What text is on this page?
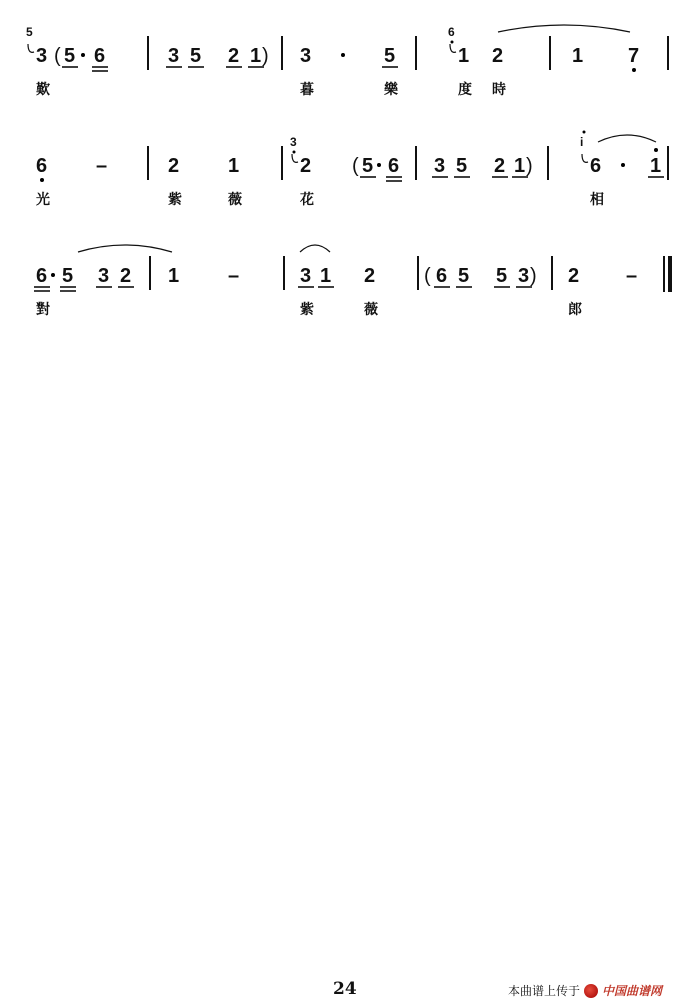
3
5
( 5 6	3 5 2 1 ) 3	5	1
6
2	1 7
歎	暮	樂	度 時
6 –	2 1	2
3
( 5 6 3 5 2 1 )	6
i
1
光	紫	薇	花	相
6 5 3 2 1 –	3 1 2 ( 6 5 5 3 ) 2 –
對	紫	薇	郎
24	本曲谱上传于 中国曲谱网
